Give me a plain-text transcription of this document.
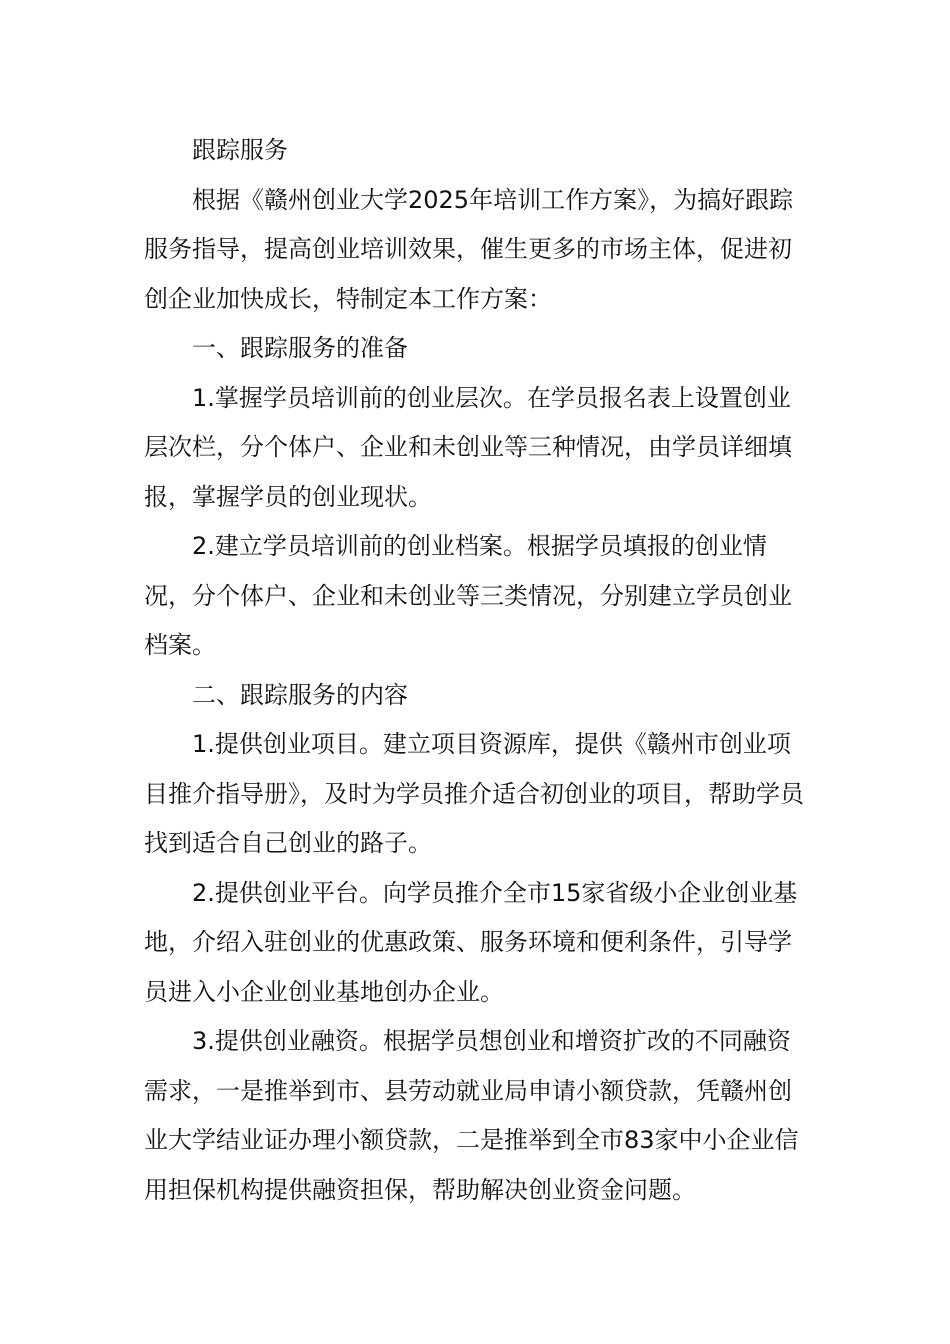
跟踪服务

根据《赣州创业大学2025年培训工作方案》，为搞好跟踪服务指导，提高创业培训效果，催生更多的市场主体，促进初创企业加快成长，特制定本工作方案：

一、跟踪服务的准备

1.掌握学员培训前的创业层次。在学员报名表上设置创业层次栏，分个体户、企业和未创业等三种情况，由学员详细填报，掌握学员的创业现状。

2.建立学员培训前的创业档案。根据学员填报的创业情况，分个体户、企业和未创业等三类情况，分别建立学员创业档案。

二、跟踪服务的内容

1.提供创业项目。建立项目资源库，提供《赣州市创业项目推介指导册》，及时为学员推介适合初创业的项目，帮助学员找到适合自己创业的路子。

2.提供创业平台。向学员推介全市15家省级小企业创业基地，介绍入驻创业的优惠政策、服务环境和便利条件，引导学员进入小企业创业基地创办企业。

3.提供创业融资。根据学员想创业和增资扩改的不同融资需求，一是推举到市、县劳动就业局申请小额贷款，凭赣州创业大学结业证办理小额贷款，二是推举到全市83家中小企业信用担保机构提供融资担保，帮助解决创业资金问题。
